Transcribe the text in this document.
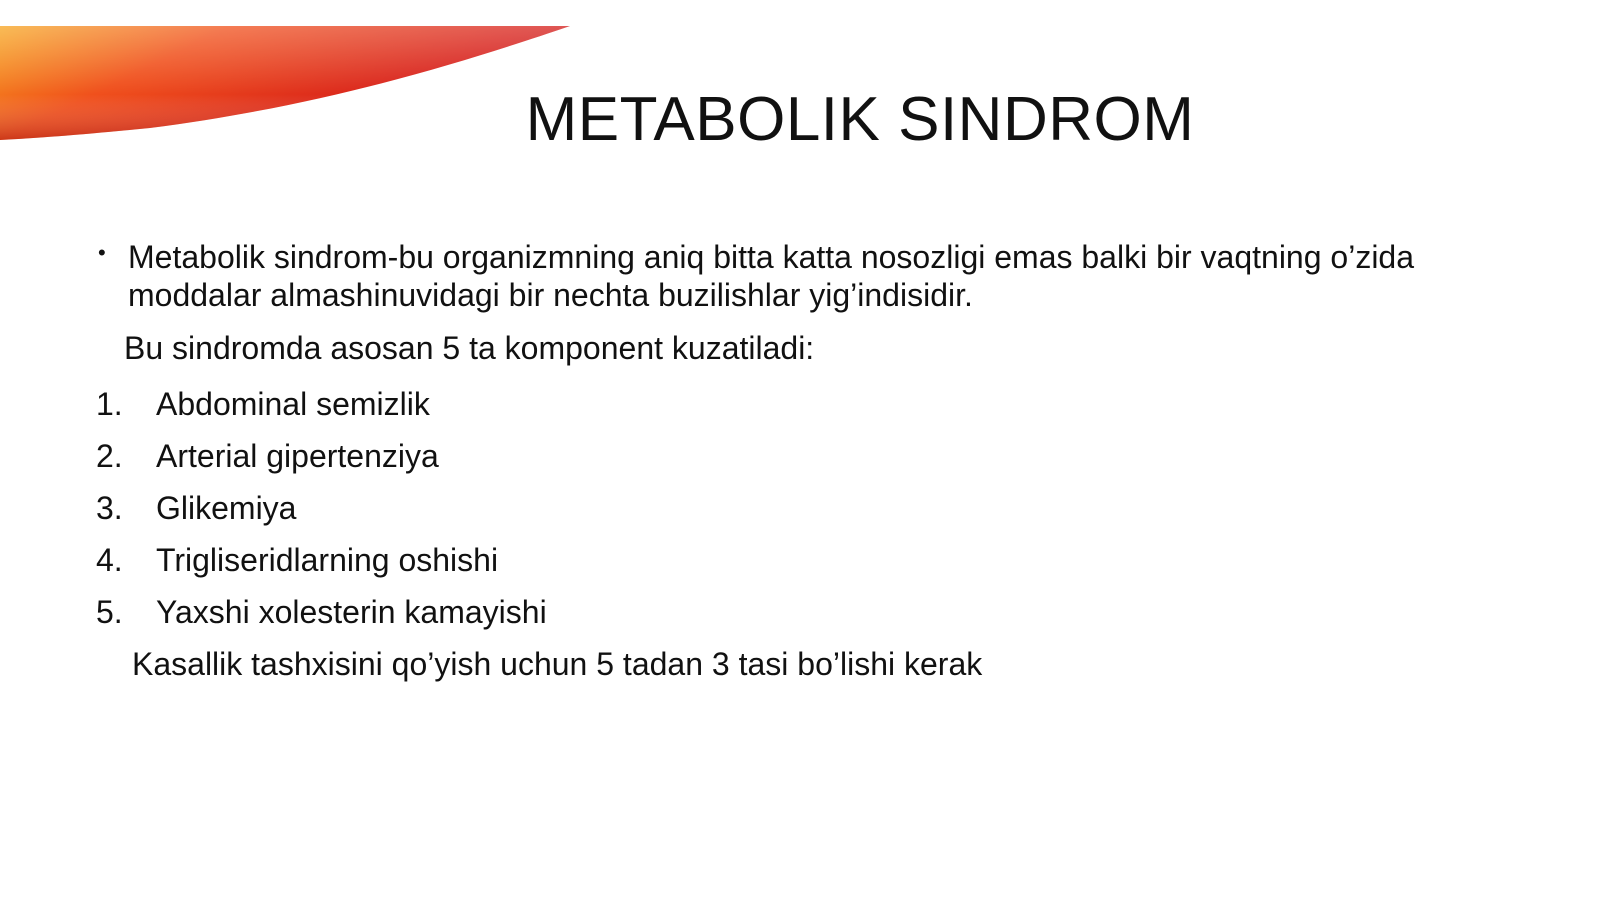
METABOLIK SINDROM
• Metabolik sindrom-bu organizmning aniq bitta katta nosozligi emas balki bir vaqtning o’zida moddalar almashinuvidagi bir nechta buzilishlar yig’indisidir.
Bu sindromda asosan 5 ta komponent kuzatiladi:
1.	Abdominal semizlik
2.	Arterial gipertenziya
3.	Glikemiya
4.	Trigliseridlarning oshishi
5.	Yaxshi xolesterin kamayishi
Kasallik tashxisini qo’yish uchun 5 tadan 3 tasi bo’lishi kerak
